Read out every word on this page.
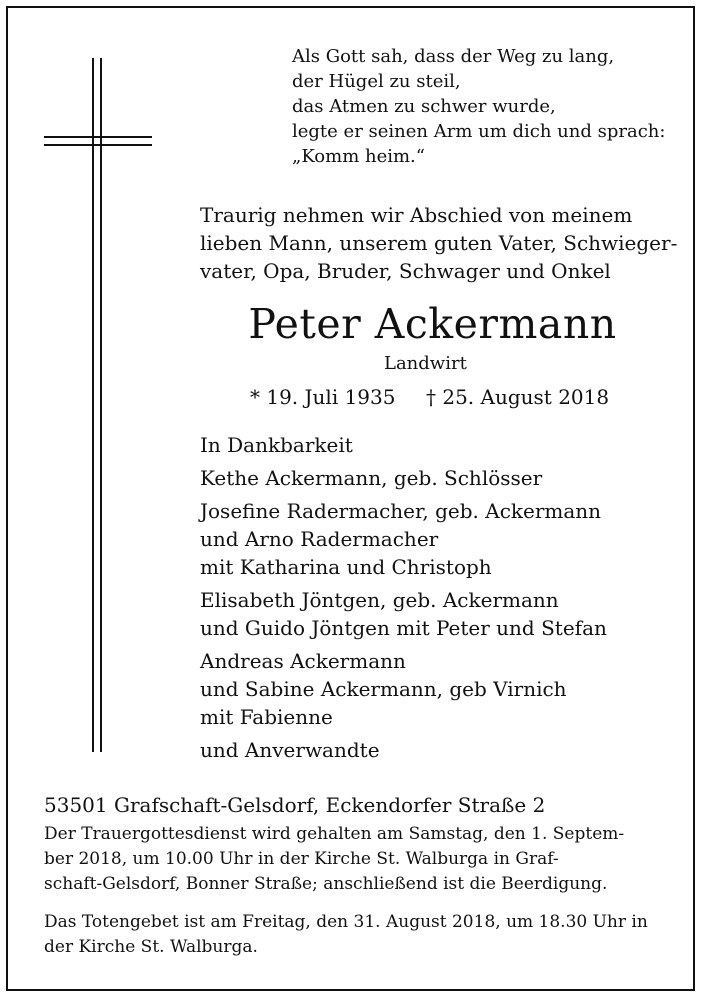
Als Gott sah, dass der Weg zu lang,
der Hügel zu steil,
das Atmen zu schwer wurde,
legte er seinen Arm um dich und sprach:
„Komm heim.“
Traurig nehmen wir Abschied von meinem
lieben Mann, unserem guten Vater, Schwieger-
vater, Opa, Bruder, Schwager und Onkel
Peter Ackermann
Landwirt
* 19. Juli 1935 † 25. August 2018
In Dankbarkeit
Kethe Ackermann, geb. Schlösser
Josefine Radermacher, geb. Ackermann
und Arno Radermacher
mit Katharina und Christoph
Elisabeth Jöntgen, geb. Ackermann
und Guido Jöntgen mit Peter und Stefan
Andreas Ackermann
und Sabine Ackermann, geb Virnich
mit Fabienne
und Anverwandte
53501 Grafschaft-Gelsdorf, Eckendorfer Straße 2
Der Trauergottesdienst wird gehalten am Samstag, den 1. Septem-
ber 2018, um 10.00 Uhr in der Kirche St. Walburga in Graf-
schaft-Gelsdorf, Bonner Straße; anschließend ist die Beerdigung.
Das Totengebet ist am Freitag, den 31. August 2018, um 18.30 Uhr in
der Kirche St. Walburga.
